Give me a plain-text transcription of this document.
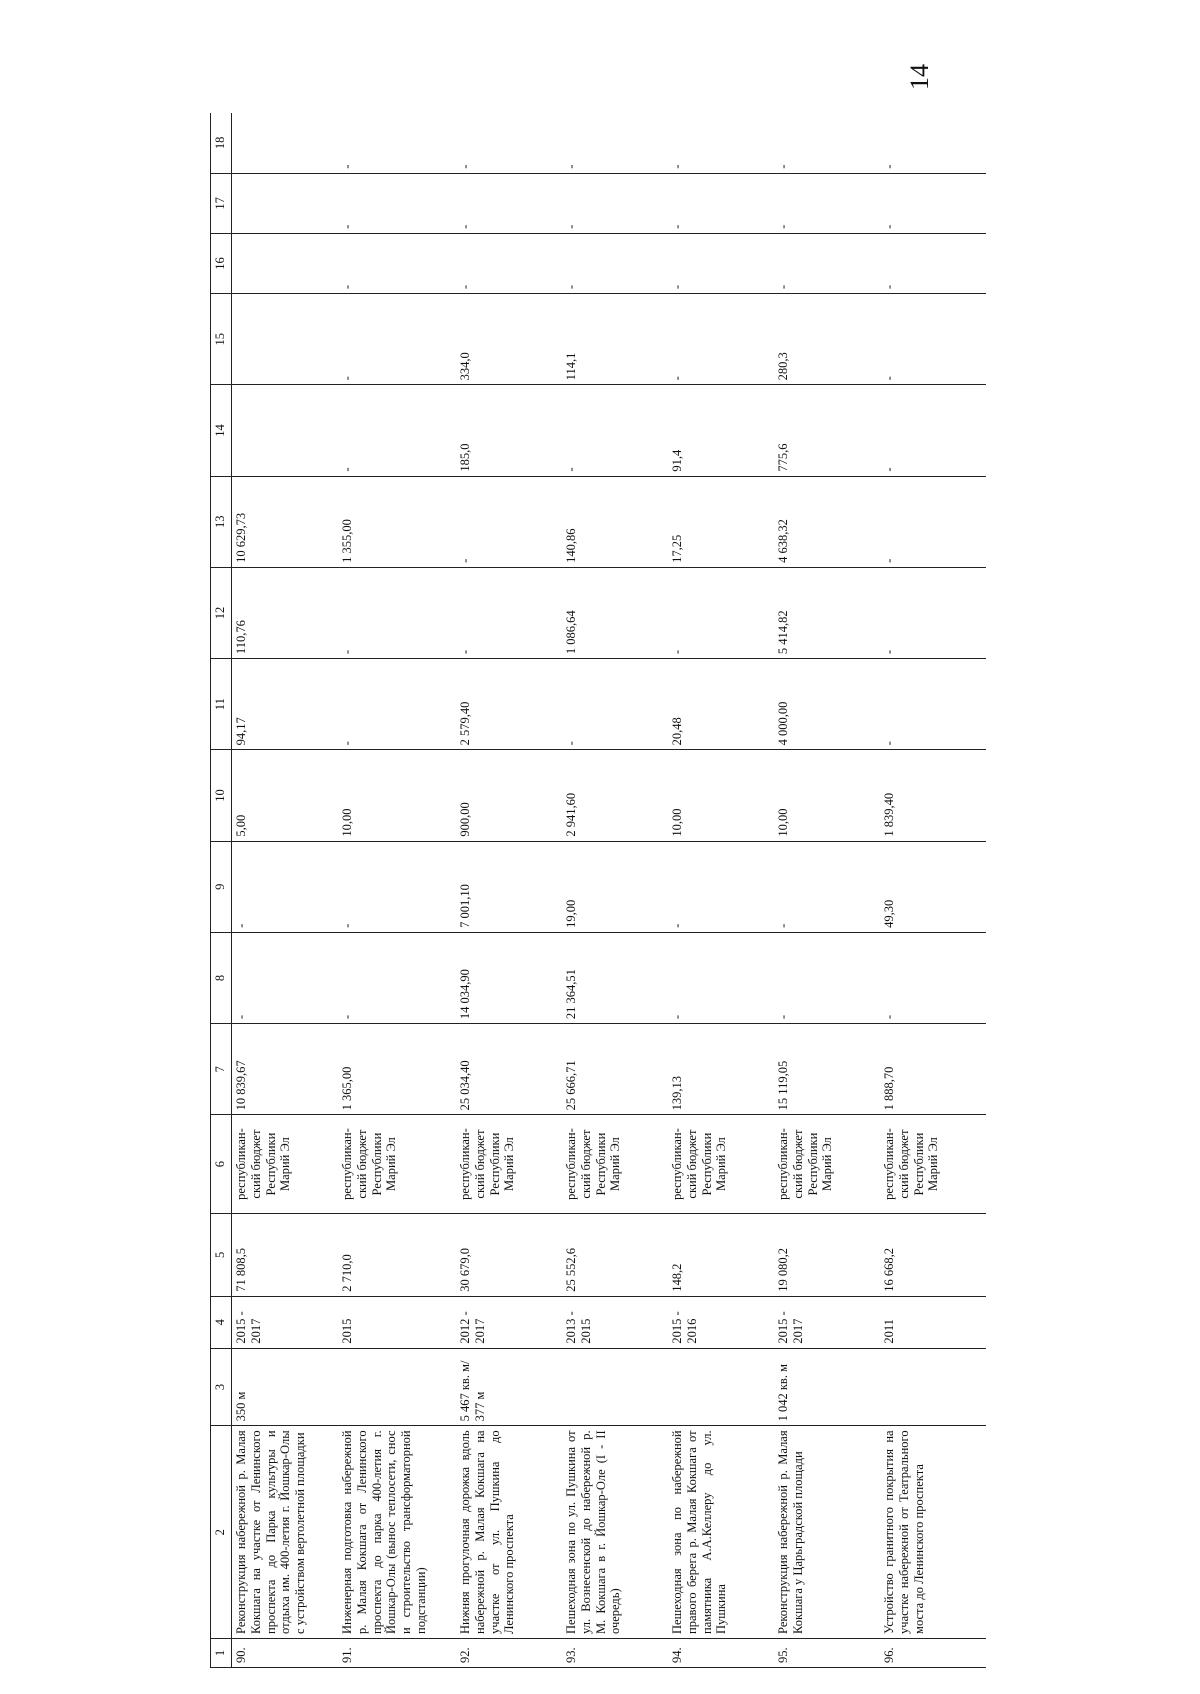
14
1	2	3	4	5	6	7	8	9	10	11	12	13	14	15	16	17	18
90.	Реконструкция набережной р. Малая Кокшага на участке от Ленинского проспекта до Парка культуры и отдыха им. 400-летия г. Йошкар-Олы с устройством вертолетной площадки	350 м	2015 - 2017	71 808,5	республикан-ский бюджет Республики Марий Эл	10 839,67	-	-	5,00	94,17	110,76	10 629,73					
91.	Инженерная подготовка набережной р. Малая Кокшага от Ленинского проспекта до парка 400-летия г. Йошкар-Олы (вынос теплосети, снос и строительство трансформаторной подстанции)		2015	2 710,0	республикан-ский бюджет Республики Марий Эл	1 365,00	-	-	10,00	-	-	1 355,00	-	-	-	-	-
92.	Нижняя прогулочная дорожка вдоль набережной р. Малая Кокшага на участке от ул. Пушкина до Ленинского проспекта	5 467 кв. м/ 377 м	2012 - 2017	30 679,0	республикан-ский бюджет Республики Марий Эл	25 034,40	14 034,90	7 001,10	900,00	2 579,40	-	-	185,0	334,0	-	-	-
93.	Пешеходная зона по ул. Пушкина от ул. Вознесенской до набережной р. М. Кокшага в г. Йошкар-Оле (I - II очередь)		2013 - 2015	25 552,6	республикан-ский бюджет Республики Марий Эл	25 666,71	21 364,51	19,00	2 941,60	-	1 086,64	140,86	-	114,1	-	-	-
94.	Пешеходная зона по набережной правого берега р. Малая Кокшага от памятника А.А.Келлеру до ул. Пушкина		2015 - 2016	148,2	республикан-ский бюджет Республики Марий Эл	139,13	-	-	10,00	20,48	-	17,25	91,4	-	-	-	-
95.	Реконструкция набережной р. Малая Кокшага у Царьградской площади	1 042 кв. м	2015 - 2017	19 080,2	республикан-ский бюджет Республики Марий Эл	15 119,05	-	-	10,00	4 000,00	5 414,82	4 638,32	775,6	280,3	-	-	-
96.	Устройство гранитного покрытия на участке набережной от Театрального моста до Ленинского проспекта		2011	16 668,2	республикан-ский бюджет Республики Марий Эл	1 888,70	-	49,30	1 839,40	-	-	-	-	-	-	-	-
